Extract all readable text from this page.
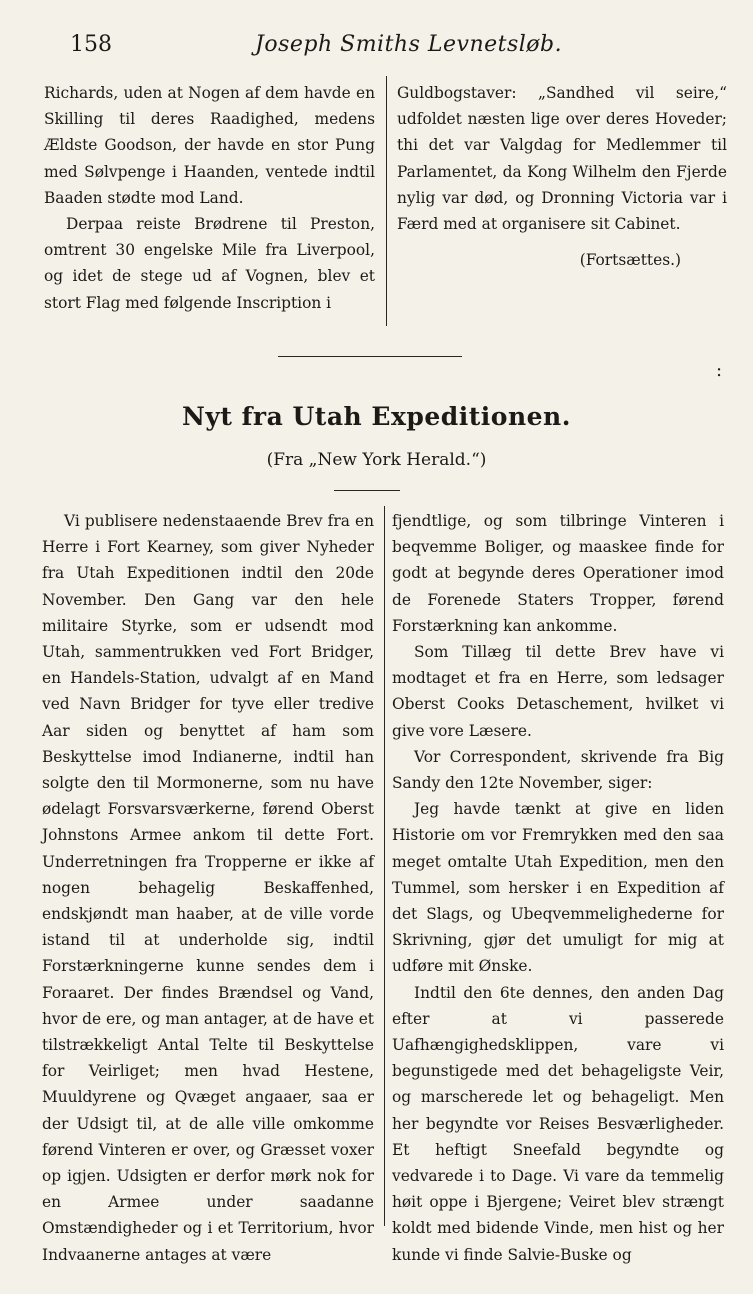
158	Joseph Smiths Levnetsløb.

Richards, uden at Nogen af dem havde en Skilling til deres Raadighed, medens Ældste Goodson, der havde en stor Pung med Sølvpenge i Haanden, ventede indtil Baaden stødte mod Land.

Derpaa reiste Brødrene til Preston, omtrent 30 engelske Mile fra Liverpool, og idet de stege ud af Vognen, blev et stort Flag med følgende Inscription i

Guldbogstaver: „Sandhed vil seire,“ udfoldet næsten lige over deres Hoveder; thi det var Valgdag for Medlemmer til Parlamentet, da Kong Wilhelm den Fjerde nylig var død, og Dronning Victoria var i Færd med at organisere sit Cabinet.

(Fortsættes.)

:
Nyt fra Utah Expeditionen.
(Fra „New York Herald.“)

Vi publisere nedenstaaende Brev fra en Herre i Fort Kearney, som giver Nyheder fra Utah Expeditionen indtil den 20de November. Den Gang var den hele militaire Styrke, som er udsendt mod Utah, sammentrukken ved Fort Bridger, en Handels-Station, udvalgt af en Mand ved Navn Bridger for tyve eller tredive Aar siden og benyttet af ham som Beskyttelse imod Indianerne, indtil han solgte den til Mormonerne, som nu have ødelagt Forsvarsværkerne, førend Oberst Johnstons Armee ankom til dette Fort. Underretningen fra Tropperne er ikke af nogen behagelig Beskaffenhed, endskjøndt man haaber, at de ville vorde istand til at underholde sig, indtil Forstærkningerne kunne sendes dem i Foraaret. Der findes Brændsel og Vand, hvor de ere, og man antager, at de have et tilstrækkeligt Antal Telte til Beskyttelse for Veirliget; men hvad Hestene, Muuldyrene og Qvæget angaaer, saa er der Udsigt til, at de alle ville omkomme førend Vinteren er over, og Græsset voxer op igjen. Udsigten er derfor mørk nok for en Armee under saadanne Omstændigheder og i et Territorium, hvor Indvaanerne antages at være

fjendtlige, og som tilbringe Vinteren i beqvemme Boliger, og maaskee finde for godt at begynde deres Operationer imod de Forenede Staters Tropper, førend Forstærkning kan ankomme.

Som Tillæg til dette Brev have vi modtaget et fra en Herre, som ledsager Oberst Cooks Detaschement, hvilket vi give vore Læsere.

Vor Correspondent, skrivende fra Big Sandy den 12te November, siger:

Jeg havde tænkt at give en liden Historie om vor Fremrykken med den saa meget omtalte Utah Expedition, men den Tummel, som hersker i en Expedition af det Slags, og Ubeqvemmelighederne for Skrivning, gjør det umuligt for mig at udføre mit Ønske.

Indtil den 6te dennes, den anden Dag efter at vi passerede Uafhængighedsklippen, vare vi begunstigede med det behageligste Veir, og marscherede let og behageligt. Men her begyndte vor Reises Besværligheder. Et heftigt Sneefald begyndte og vedvarede i to Dage. Vi vare da temmelig høit oppe i Bjergene; Veiret blev strængt koldt med bidende Vinde, men hist og her kunde vi finde Salvie-Buske og
